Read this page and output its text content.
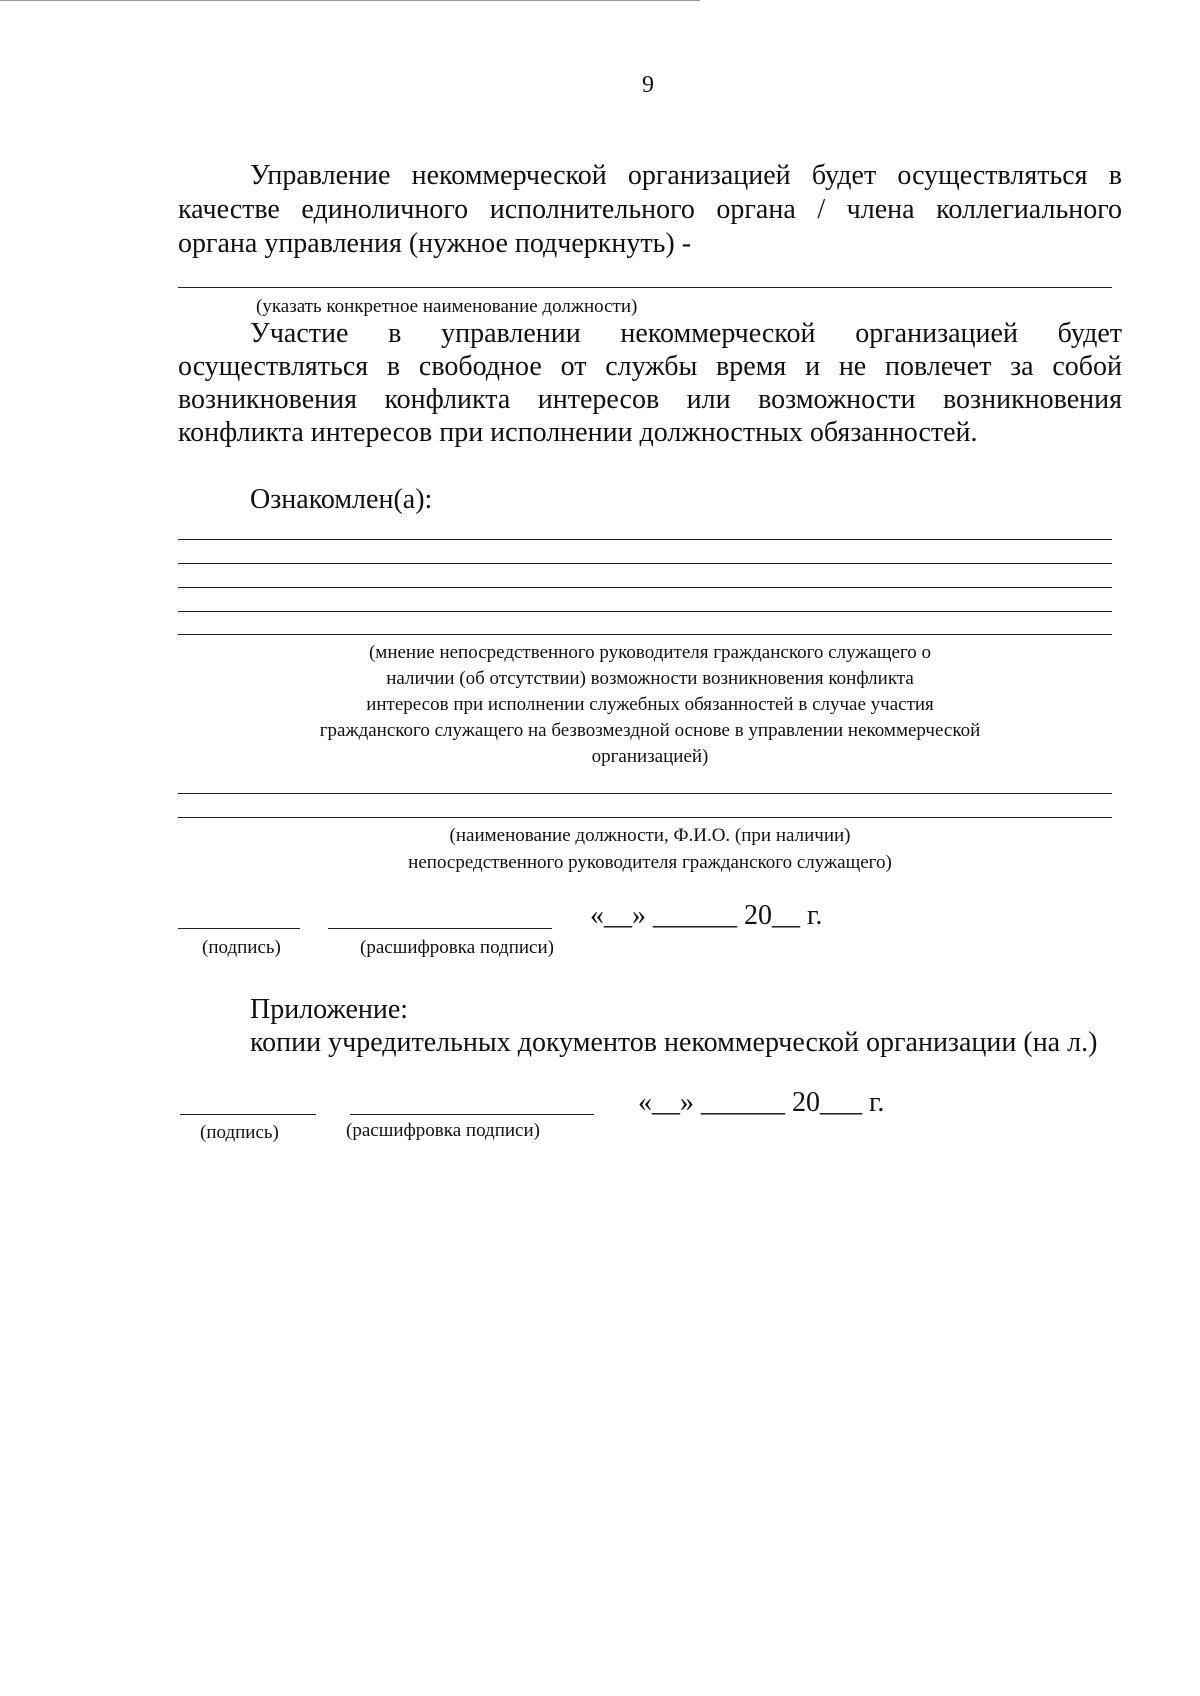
9
Управление некоммерческой организацией будет осуществляться в
качестве единоличного исполнительного органа / члена коллегиального
органа управления (нужное подчеркнуть) -
(указать конкретное наименование должности)
Участие в управлении некоммерческой организацией будет
осуществляться в свободное от службы время и не повлечет за собой
возникновения конфликта интересов или возможности возникновения
конфликта интересов при исполнении должностных обязанностей.
Ознакомлен(а):
(мнение непосредственного руководителя гражданского служащего о
наличии (об отсутствии) возможности возникновения конфликта
интересов при исполнении служебных обязанностей в случае участия
гражданского служащего на безвозмездной основе в управлении некоммерческой
организацией)
(наименование должности, Ф.И.О. (при наличии)
непосредственного руководителя гражданского служащего)
«__» ______ 20__ г.
(подпись)	(расшифровка подписи)
Приложение:
копии учредительных документов некоммерческой организации (на л.)
«__» ______ 20___ г.
(подпись)	(расшифровка подписи)
